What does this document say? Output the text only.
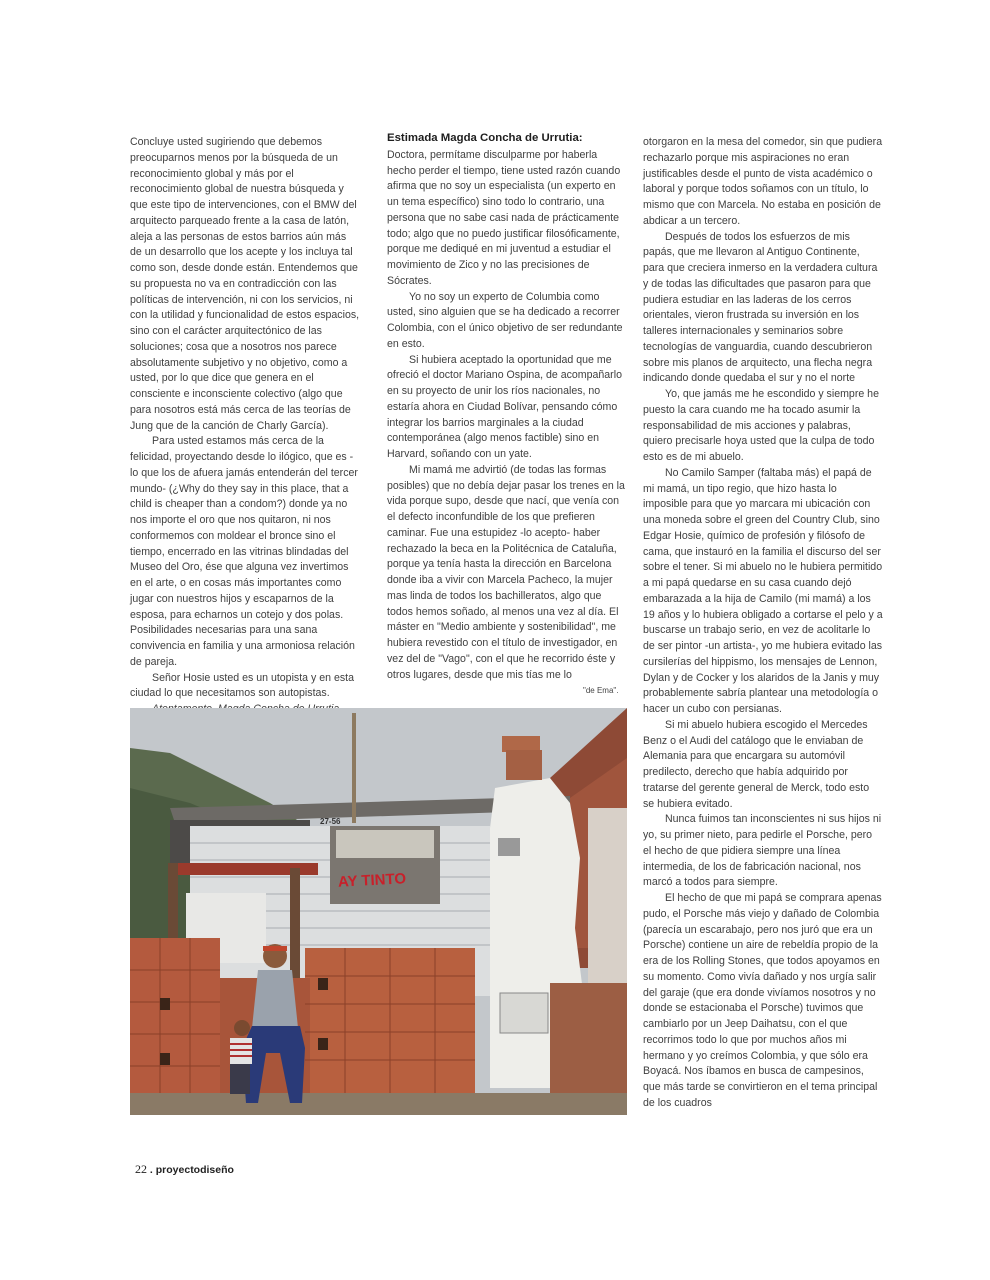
Concluye usted sugiriendo que debemos preocuparnos menos por la búsqueda de un reconocimiento global y más por el reconocimiento global de nuestra búsqueda y que este tipo de intervenciones, con el BMW del arquitecto parqueado frente a la casa de latón, aleja a las personas de estos barrios aún más de un desarrollo que los acepte y los incluya tal como son, desde donde están. Entendemos que su propuesta no va en contradicción con las políticas de intervención, ni con los servicios, ni con la utilidad y funcionalidad de estos espacios, sino con el carácter arquitectónico de las soluciones; cosa que a nosotros nos parece absolutamente subjetivo y no objetivo, como a usted, por lo que dice que genera en el consciente e inconsciente colectivo (algo que para nosotros está más cerca de las teorías de Jung que de la canción de Charly García).

Para usted estamos más cerca de la felicidad, proyectando desde lo ilógico, que es -lo que los de afuera jamás entenderán del tercer mundo- (¿Why do they say in this place, that a child is cheaper than a condom?) donde ya no nos importe el oro que nos quitaron, ni nos conformemos con moldear el bronce sino el tiempo, encerrado en las vitrinas blindadas del Museo del Oro, ése que alguna vez invertimos en el arte, o en cosas más importantes como jugar con nuestros hijos y escaparnos de la esposa, para echarnos un cotejo y dos polas. Posibilidades necesarias para una sana convivencia en familia y una armoniosa relación de pareja.

Señor Hosie usted es un utopista y en esta ciudad lo que necesitamos son autopistas.

Estimada Magda Concha de Urrutia:

Doctora, permítame disculparme por haberla hecho perder el tiempo, tiene usted razón cuando afirma que no soy un especialista (un experto en un tema específico) sino todo lo contrario, una persona que no sabe casi nada de prácticamente todo; algo que no puedo justificar filosóficamente, porque me dediqué en mi juventud a estudiar el movimiento de Zico y no las precisiones de Sócrates.

Yo no soy un experto de Columbia como usted, sino alguien que se ha dedicado a recorrer Colombia, con el único objetivo de ser redundante en esto.

Si hubiera aceptado la oportunidad que me ofreció el doctor Mariano Ospina, de acompañarlo en su proyecto de unir los ríos nacionales, no estaría ahora en Ciudad Bolívar, pensando cómo integrar los barrios marginales a la ciudad contemporánea (algo menos factible) sino en Harvard, soñando con un yate.

Mi mamá me advirtió (de todas las formas posibles) que no debía dejar pasar los trenes en la vida porque supo, desde que nací, que venía con el defecto inconfundible de los que prefieren caminar. Fue una estupidez -lo acepto- haber rechazado la beca en la Politécnica de Cataluña, porque ya tenía hasta la dirección en Barcelona donde iba a vivir con Marcela Pacheco, la mujer mas linda de todos los bachilleratos, algo que todos hemos soñado, al menos una vez al día. El máster en "Medio ambiente y sostenibilidad", me hubiera revestido con el título de investigador, en vez del de "Vago", con el que he recorrido éste y otros lugares, desde que mis tías me lo

"de Ema".

otorgaron en la mesa del comedor, sin que pudiera rechazarlo porque mis aspiraciones no eran justificables desde el punto de vista académico o laboral y porque todos soñamos con un título, lo mismo que con Marcela. No estaba en posición de abdicar a un tercero.

Después de todos los esfuerzos de mis papás, que me llevaron al Antiguo Continente, para que creciera inmerso en la verdadera cultura y de todas las dificultades que pasaron para que pudiera estudiar en las laderas de los cerros orientales, vieron frustrada su inversión en los talleres internacionales y seminarios sobre tecnologías de vanguardia, cuando descubrieron sobre mis planos de arquitecto, una flecha negra indicando donde quedaba el sur y no el norte

Yo, que jamás me he escondido y siempre he puesto la cara cuando me ha tocado asumir la responsabilidad de mis acciones y palabras, quiero precisarle hoya usted que la culpa de todo esto es de mi abuelo.

No Camilo Samper (faltaba más) el papá de mi mamá, un tipo regio, que hizo hasta lo imposible para que yo marcara mi ubicación con una moneda sobre el green del Country Club, sino Edgar Hosie, químico de profesión y filósofo de cama, que instauró en la familia el discurso del ser sobre el tener. Si mi abuelo no le hubiera permitido a mi papá quedarse en su casa cuando dejó embarazada a la hija de Camilo (mi mamá) a los 19 años y lo hubiera obligado a cortarse el pelo y a buscarse un trabajo serio, en vez de acolitarle lo de ser pintor -un artista-, yo me hubiera evitado las cursilerías del hippismo, los mensajes de Lennon, Dylan y de Cocker y los alaridos de la Janis y muy probablemente sabría plantear una metodología o hacer un cubo con persianas.

Si mi abuelo hubiera escogido el Mercedes Benz o el Audi del catálogo que le enviaban de Alemania para que encargara su automóvil predilecto, derecho que había adquirido por tratarse del gerente general de Merck, todo esto se hubiera evitado.

Nunca fuimos tan inconscientes ni sus hijos ni yo, su primer nieto, para pedirle el Porsche, pero el hecho de que pidiera siempre una línea intermedia, de los de fabricación nacional, nos marcó a todos para siempre.

El hecho de que mi papá se comprara apenas pudo, el Porsche más viejo y dañado de Colombia (parecía un escarabajo, pero nos juró que era un Porsche) contiene un aire de rebeldía propio de la era de los Rolling Stones, que todos apoyamos en su momento. Como vivía dañado y nos urgía salir del garaje (que era donde vivíamos nosotros y no donde se estacionaba el Porsche) tuvimos que cambiarlo por un Jeep Daihatsu, con el que recorrimos todo lo que por muchos años mi hermano y yo creímos Colombia, y que sólo era Boyacá. Nos íbamos en busca de campesinos, que más tarde se convirtieron en el tema principal de los cuadros

27-56
AY TINTO
22 . proyectodiseño
